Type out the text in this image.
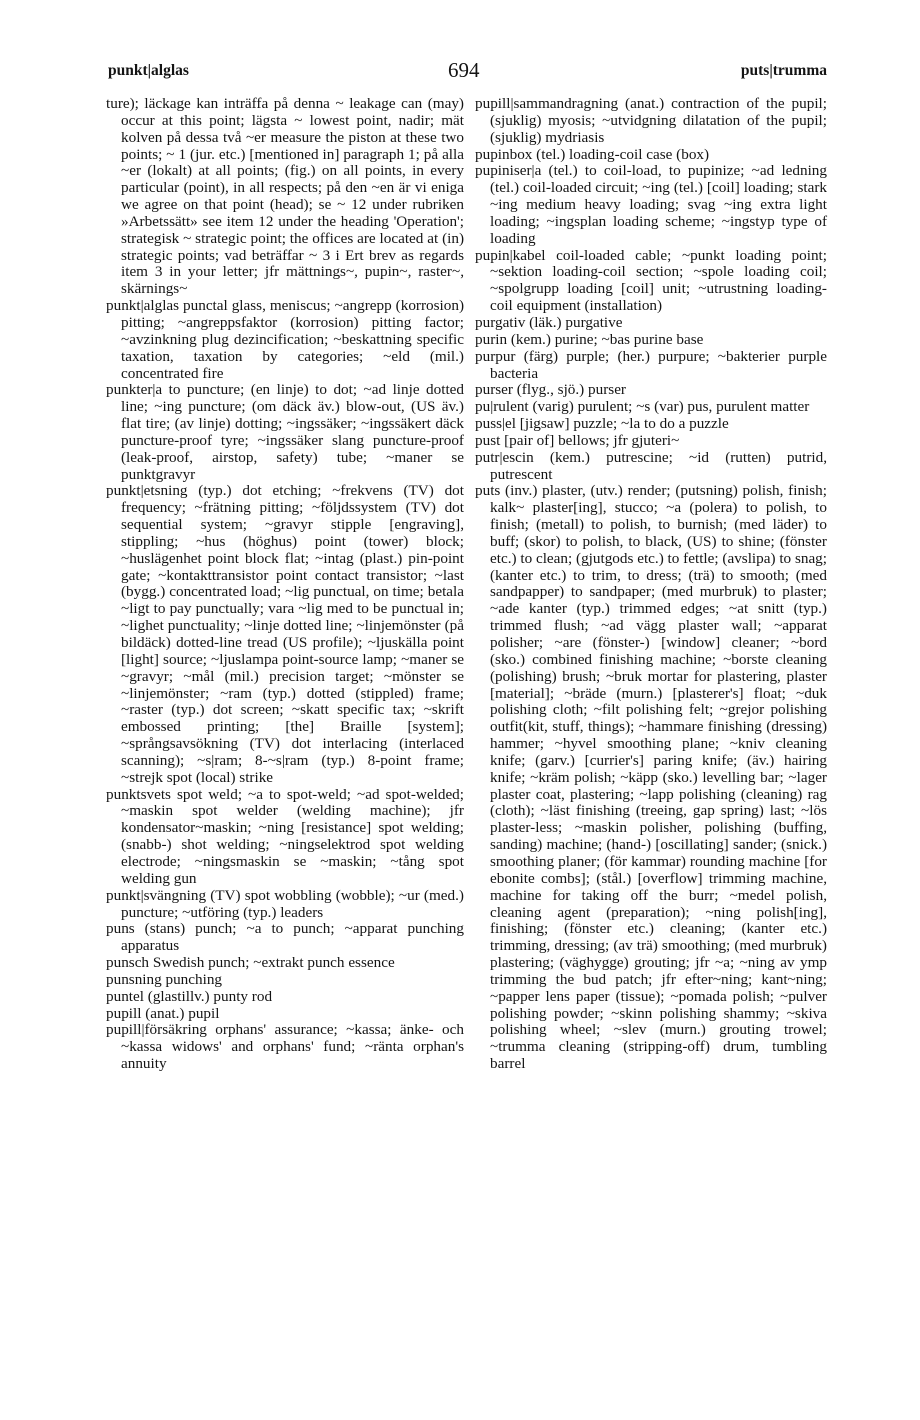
punkt|alglas	694	puts|trumma

ture); läckage kan inträffa på denna ~ leakage can (may) occur at this point; lägsta ~ lowest point, nadir; mät kolven på dessa två ~er measure the piston at these two points; ~ 1 (jur. etc.) [mentioned in] paragraph 1; på alla ~er (lokalt) at all points; (fig.) on all points, in every particular (point), in all respects; på den ~en är vi eniga we agree on that point (head); se ~ 12 under rubriken »Arbetssätt» see item 12 under the heading 'Operation'; strategisk ~ strategic point; the offices are located at (in) strategic points; vad beträffar ~ 3 i Ert brev as regards item 3 in your letter; jfr mättnings~, pupin~, raster~, skärnings~

punkt|alglas punctal glass, meniscus; ~angrepp (korrosion) pitting; ~angreppsfaktor (korrosion) pitting factor; ~avzinkning plug dezincification; ~beskattning specific taxation, taxation by categories; ~eld (mil.) concentrated fire

punkter|a to puncture; (en linje) to dot; ~ad linje dotted line; ~ing puncture; (om däck äv.) blow-out, (US äv.) flat tire; (av linje) dotting; ~ingssäker; ~ingssäkert däck puncture-proof tyre; ~ingssäker slang puncture-proof (leak-proof, airstop, safety) tube; ~maner se punktgravyr

punkt|etsning (typ.) dot etching; ~frekvens (TV) dot frequency; ~frätning pitting; ~följdssystem (TV) dot sequential system; ~gravyr stipple [engraving], stippling; ~hus (höghus) point (tower) block; ~huslägenhet point block flat; ~intag (plast.) pin-point gate; ~kontakttransistor point contact transistor; ~last (bygg.) concentrated load; ~lig punctual, on time; betala ~ligt to pay punctually; vara ~lig med to be punctual in; ~lighet punctuality; ~linje dotted line; ~linjemönster (på bildäck) dotted-line tread (US profile); ~ljuskälla point [light] source; ~ljuslampa point-source lamp; ~maner se ~gravyr; ~mål (mil.) precision target; ~mönster se ~linjemönster; ~ram (typ.) dotted (stippled) frame; ~raster (typ.) dot screen; ~skatt specific tax; ~skrift embossed printing; [the] Braille [system]; ~språngsavsökning (TV) dot interlacing (interlaced scanning); ~s|ram; 8-~s|ram (typ.) 8-point frame; ~strejk spot (local) strike

punktsvets spot weld; ~a to spot-weld; ~ad spot-welded; ~maskin spot welder (welding machine); jfr kondensator~maskin; ~ning [resistance] spot welding; (snabb-) shot welding; ~ningselektrod spot welding electrode; ~ningsmaskin se ~maskin; ~tång spot welding gun

punkt|svängning (TV) spot wobbling (wobble); ~ur (med.) puncture; ~utföring (typ.) leaders

puns (stans) punch; ~a to punch; ~apparat punching apparatus

punsch Swedish punch; ~extrakt punch essence

punsning punching

puntel (glastillv.) punty rod

pupill (anat.) pupil

pupill|försäkring orphans' assurance; ~kassa; änke- och ~kassa widows' and orphans' fund; ~ränta orphan's annuity

pupill|sammandragning (anat.) contraction of the pupil; (sjuklig) myosis; ~utvidgning dilatation of the pupil; (sjuklig) mydriasis

pupinbox (tel.) loading-coil case (box)

pupiniser|a (tel.) to coil-load, to pupinize; ~ad ledning (tel.) coil-loaded circuit; ~ing (tel.) [coil] loading; stark ~ing medium heavy loading; svag ~ing extra light loading; ~ingsplan loading scheme; ~ingstyp type of loading

pupin|kabel coil-loaded cable; ~punkt loading point; ~sektion loading-coil section; ~spole loading coil; ~spolgrupp loading [coil] unit; ~utrustning loading-coil equipment (installation)

purgativ (läk.) purgative

purin (kem.) purine; ~bas purine base

purpur (färg) purple; (her.) purpure; ~bakterier purple bacteria

purser (flyg., sjö.) purser

pu|rulent (varig) purulent; ~s (var) pus, purulent matter

puss|el [jigsaw] puzzle; ~la to do a puzzle

pust [pair of] bellows; jfr gjuteri~

putr|escin (kem.) putrescine; ~id (rutten) putrid, putrescent

puts (inv.) plaster, (utv.) render; (putsning) polish, finish; kalk~ plaster[ing], stucco; ~a (polera) to polish, to finish; (metall) to polish, to burnish; (med läder) to buff; (skor) to polish, to black, (US) to shine; (fönster etc.) to clean; (gjutgods etc.) to fettle; (avslipa) to snag; (kanter etc.) to trim, to dress; (trä) to smooth; (med sandpapper) to sandpaper; (med murbruk) to plaster; ~ade kanter (typ.) trimmed edges; ~at snitt (typ.) trimmed flush; ~ad vägg plaster wall; ~apparat polisher; ~are (fönster-) [window] cleaner; ~bord (sko.) combined finishing machine; ~borste cleaning (polishing) brush; ~bruk mortar for plastering, plaster [material]; ~bräde (murn.) [plasterer's] float; ~duk polishing cloth; ~filt polishing felt; ~grejor polishing outfit(kit, stuff, things); ~hammare finishing (dressing) hammer; ~hyvel smoothing plane; ~kniv cleaning knife; (garv.) [currier's] paring knife; (äv.) hairing knife; ~kräm polish; ~käpp (sko.) levelling bar; ~lager plaster coat, plastering; ~lapp polishing (cleaning) rag (cloth); ~läst finishing (treeing, gap spring) last; ~lös plaster-less; ~maskin polisher, polishing (buffing, sanding) machine; (hand-) [oscillating] sander; (snick.) smoothing planer; (för kammar) rounding machine [for ebonite combs]; (stål.) [overflow] trimming machine, machine for taking off the burr; ~medel polish, cleaning agent (preparation); ~ning polish[ing], finishing; (fönster etc.) cleaning; (kanter etc.) trimming, dressing; (av trä) smoothing; (med murbruk) plastering; (väghygge) grouting; jfr ~a; ~ning av ymp trimming the bud patch; jfr efter~ning; kant~ning; ~papper lens paper (tissue); ~pomada polish; ~pulver polishing powder; ~skinn polishing shammy; ~skiva polishing wheel; ~slev (murn.) grouting trowel; ~trumma cleaning (stripping-off) drum, tumbling barrel
